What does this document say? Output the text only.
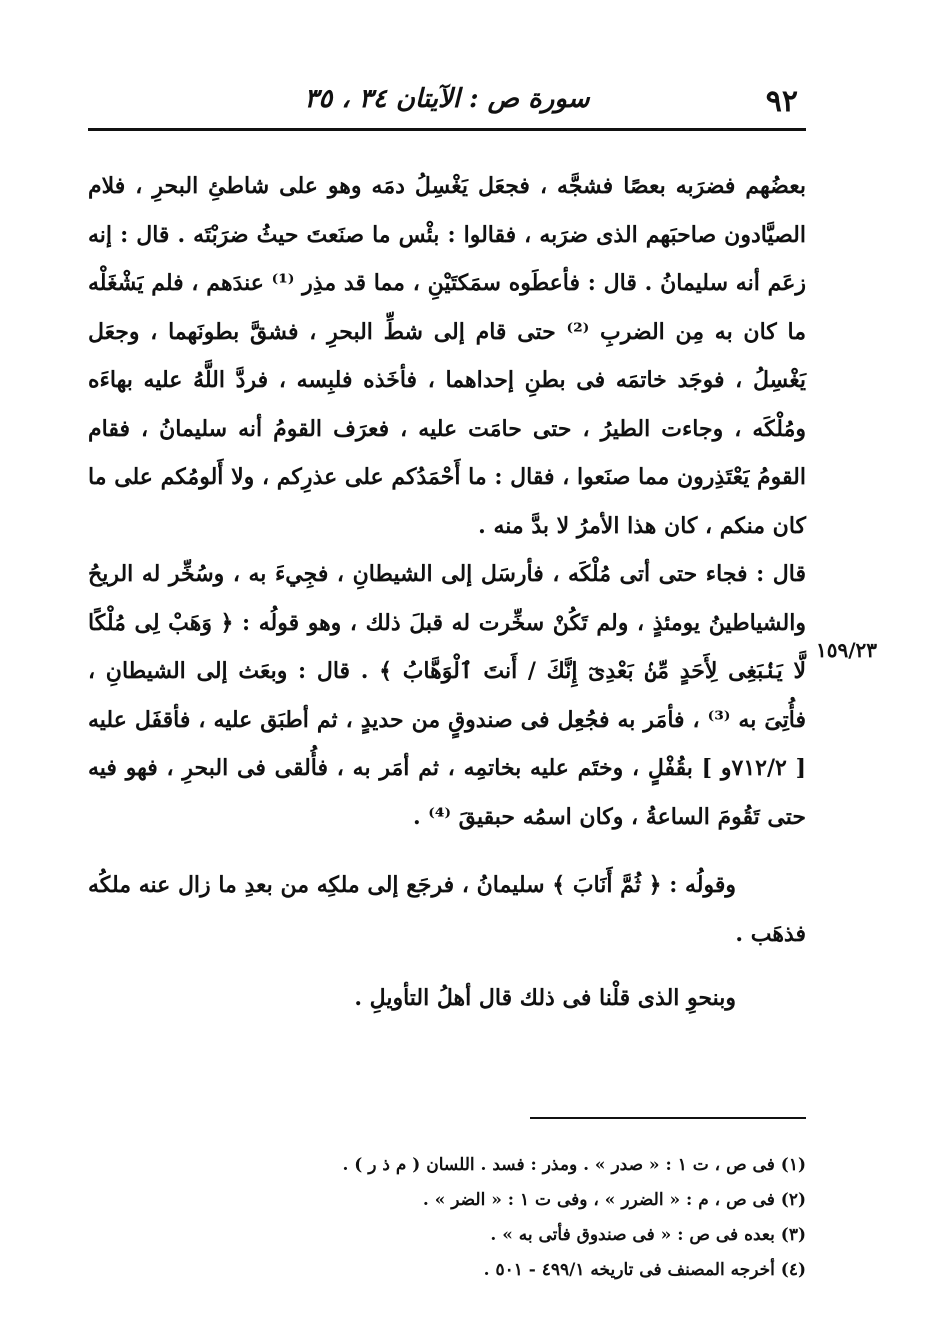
٩٢
سورة ص : الآيتان ٣٤ ، ٣٥
١٥٩/٢٣

بعضُهم فضرَبه بعصًا فشجَّه ، فجعَل يَغْسِلُ دمَه وهو على شاطئِ البحرِ ، فلام الصيَّادون صاحبَهم الذى ضرَبه ، فقالوا : بئْس ما صنَعتَ حيثُ ضرَبْتَه . قال : إنه زعَم أنه سليمانُ . قال : فأعطَوه سمَكتَيْنِ ، مما قد مذِر ⁽¹⁾ عندَهم ، فلم يَشْغَلْه ما كان به مِن الضربِ ⁽²⁾ حتى قام إلى شطِّ البحرِ ، فشقَّ بطونَهما ، وجعَل يَغْسِلُ ، فوجَد خاتمَه فى بطنِ إحداهما ، فأخَذه فلبِسه ، فردَّ اللَّهُ عليه بهاءَه ومُلْكَه ، وجاءت الطيرُ ، حتى حامَت عليه ، فعرَف القومُ أنه سليمانُ ، فقام القومُ يَعْتَذِرون مما صنَعوا ، فقال : ما أَحْمَدُكم على عذرِكم ، ولا أَلومُكم على ما كان منكم ، كان هذا الأمرُ لا بدَّ منه .

قال : فجاء حتى أتى مُلْكَه ، فأرسَل إلى الشيطانِ ، فجِيءَ به ، وسُخِّر له الريحُ والشياطينُ يومئذٍ ، ولم تَكُنْ سخِّرت له قبلَ ذلك ، وهو قولُه : ﴿ وَهَبْ لِى مُلْكًا لَّا يَنۢبَغِى لِأَحَدٍ مِّنۢ بَعْدِىٓ إِنَّكَ / أَنتَ ٱلْوَهَّابُ ﴾ . قال : وبعَث إلى الشيطانِ ، فأُتِىَ به ⁽³⁾ ، فأمَر به فجُعِل فى صندوقٍ من حديدٍ ، ثم أطبَق عليه ، فأقفَل عليه [ ٧١٢/٢و ] بقُفْلٍ ، وختَم عليه بخاتمِه ، ثم أمَر به ، فأُلقى فى البحرِ ، فهو فيه حتى تَقُومَ الساعةُ ، وكان اسمُه حبقيقَ ⁽⁴⁾ .

وقولُه : ﴿ ثُمَّ أَنَابَ ﴾ سليمانُ ، فرجَع إلى ملكِه من بعدِ ما زال عنه ملكُه فذهَب .

وبنحوِ الذى قلْنا فى ذلك قال أهلُ التأويلِ .

(١) فى ص ، ت ١ : « صدر » . ومذر : فسد . اللسان ( م ذ ر ) .
(٢) فى ص ، م : « الضرر » ، وفى ت ١ : « الضر » .
(٣) بعده فى ص : « فى صندوق فأتى به » .
(٤) أخرجه المصنف فى تاريخه ٤٩٩/١ - ٥٠١ .
